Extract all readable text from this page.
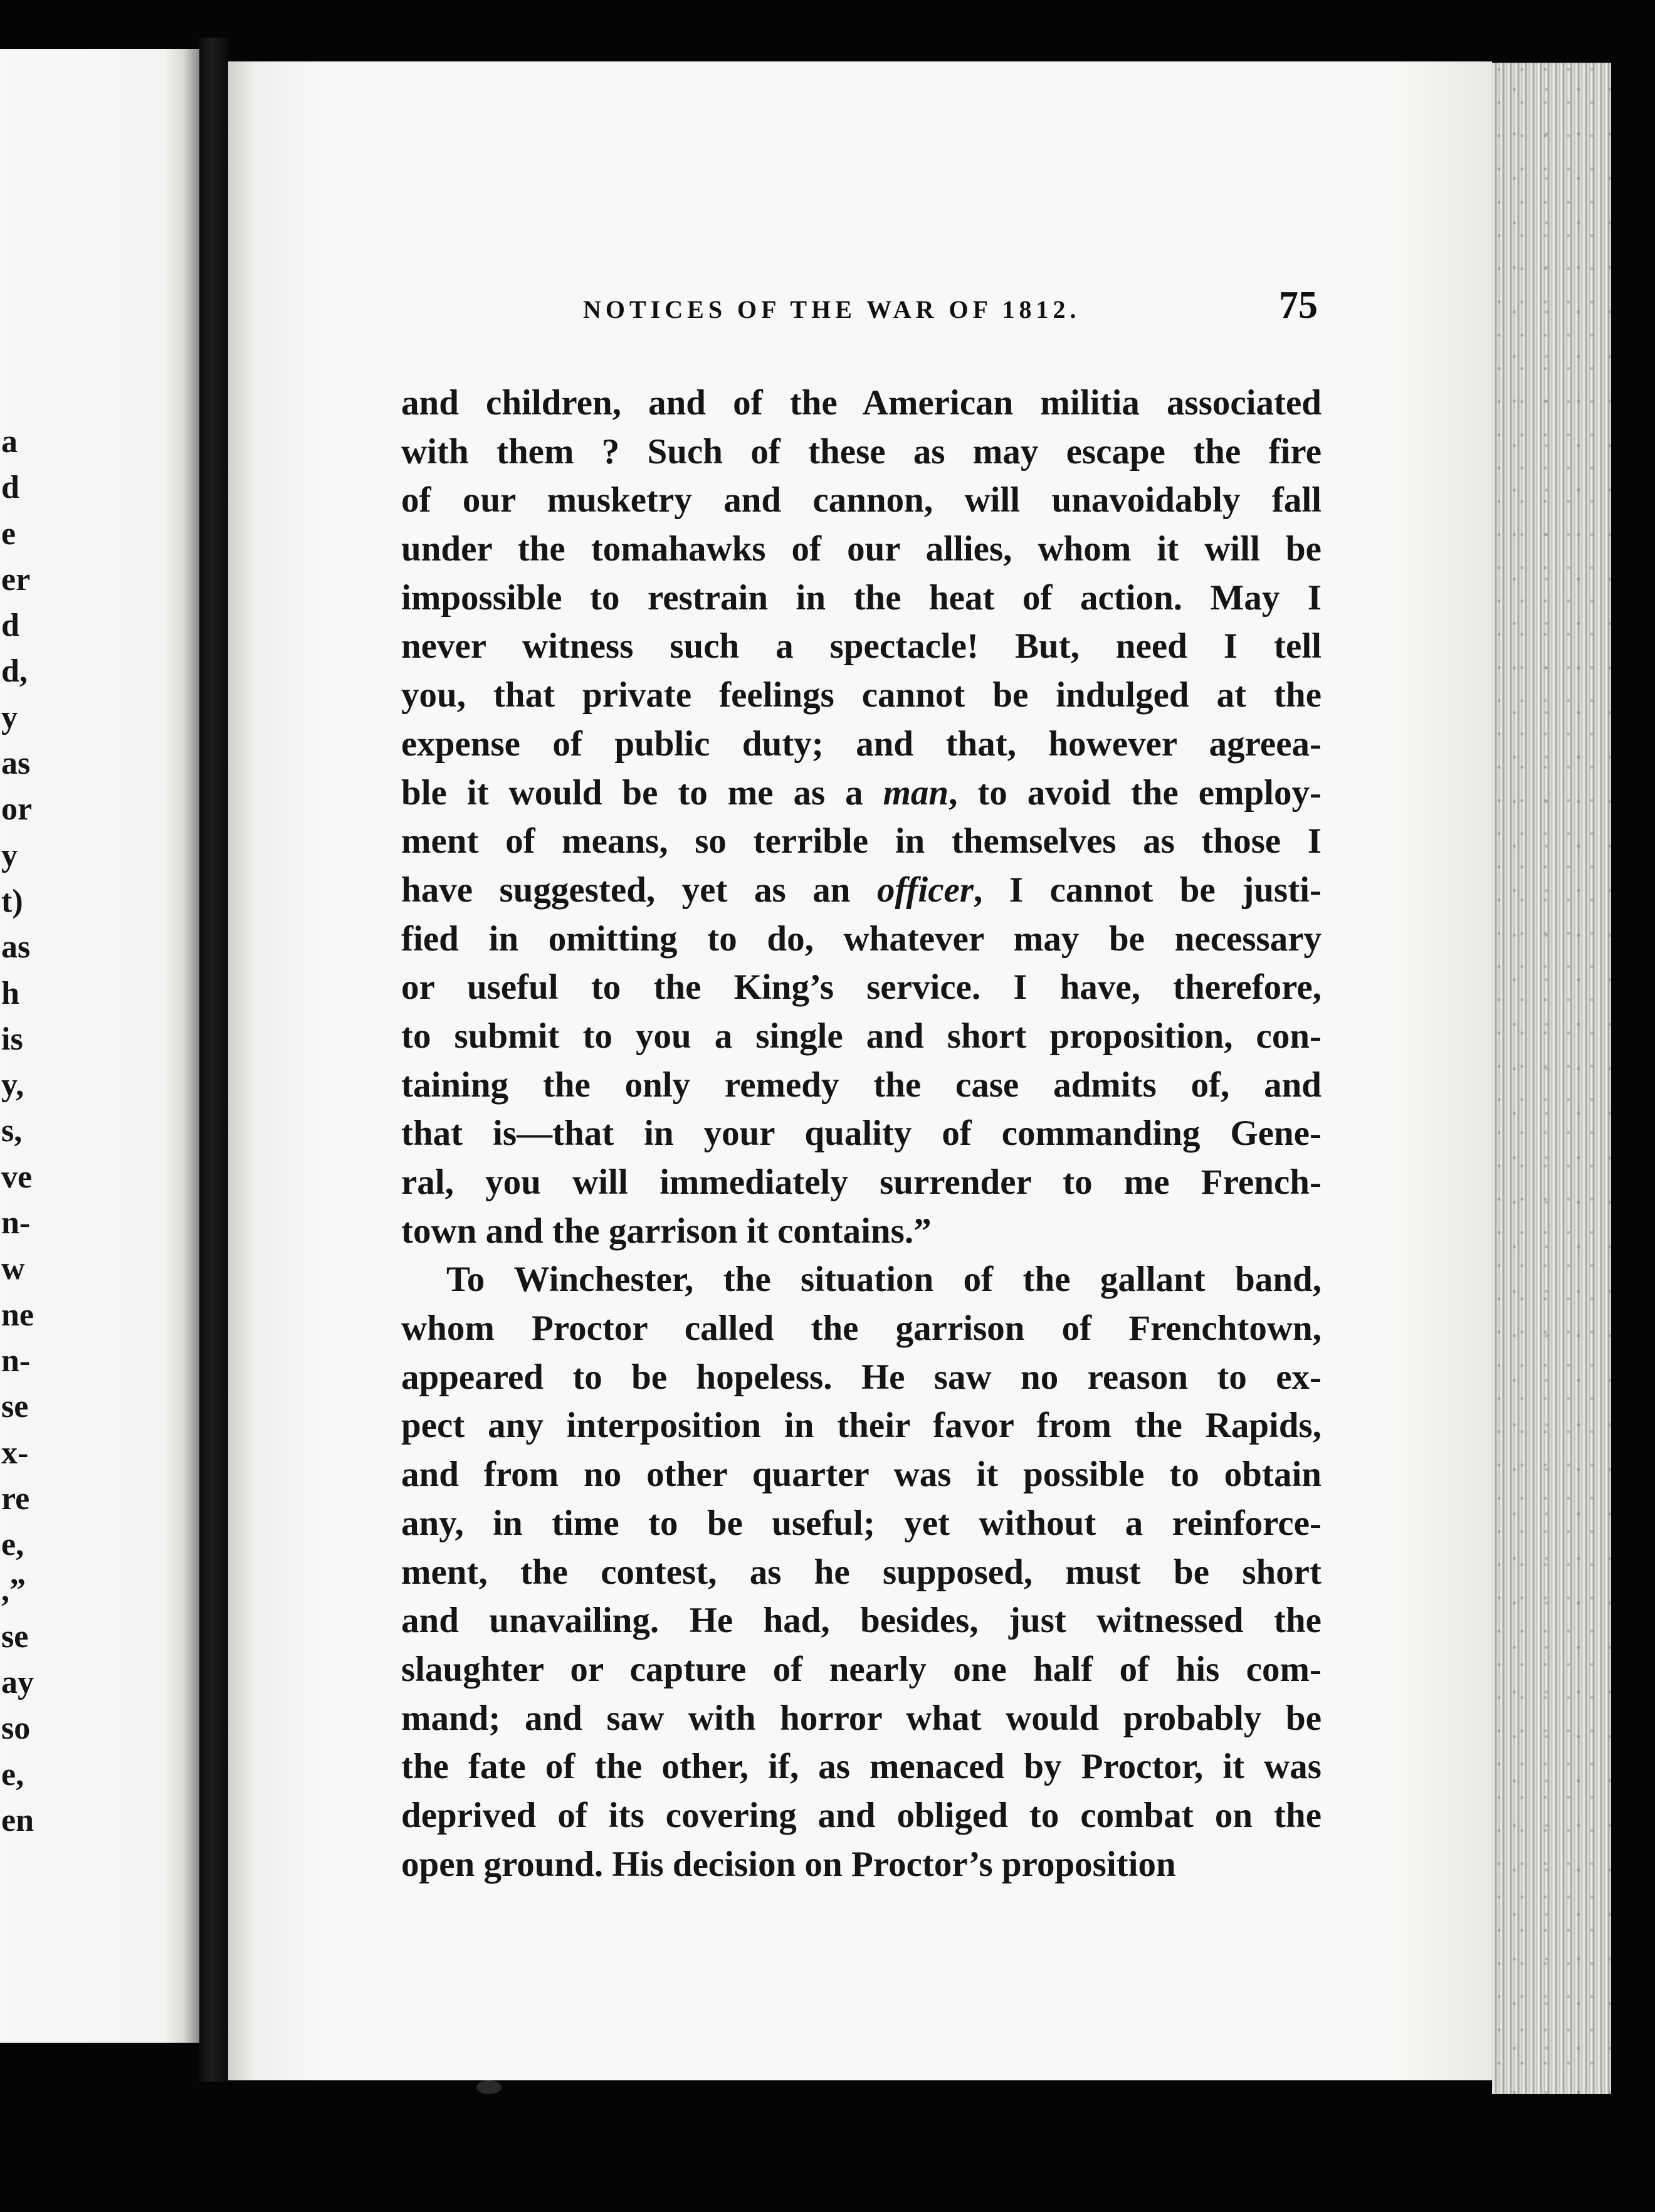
a
d
e
er
d
d,
y
as
or
y
t)
as
h
is
y,
s,
ve
n-
w
ne
n-
se
x-
re
e,
,”
se
ay
so
e,
en
NOTICES OF THE WAR OF 1812.	75
and children, and of the American militia associated
with them ? Such of these as may escape the fire
of our musketry and cannon, will unavoidably fall
under the tomahawks of our allies, whom it will be
impossible to restrain in the heat of action. May I
never witness such a spectacle! But, need I tell
you, that private feelings cannot be indulged at the
expense of public duty; and that, however agreea-
ble it would be to me as a man, to avoid the employ-
ment of means, so terrible in themselves as those I
have suggested, yet as an officer, I cannot be justi-
fied in omitting to do, whatever may be necessary
or useful to the King’s service. I have, therefore,
to submit to you a single and short proposition, con-
taining the only remedy the case admits of, and
that is—that in your quality of commanding Gene-
ral, you will immediately surrender to me French-
town and the garrison it contains.”
To Winchester, the situation of the gallant band,
whom Proctor called the garrison of Frenchtown,
appeared to be hopeless. He saw no reason to ex-
pect any interposition in their favor from the Rapids,
and from no other quarter was it possible to obtain
any, in time to be useful; yet without a reinforce-
ment, the contest, as he supposed, must be short
and unavailing. He had, besides, just witnessed the
slaughter or capture of nearly one half of his com-
mand; and saw with horror what would probably be
the fate of the other, if, as menaced by Proctor, it was
deprived of its covering and obliged to combat on the
open ground. His decision on Proctor’s proposition
